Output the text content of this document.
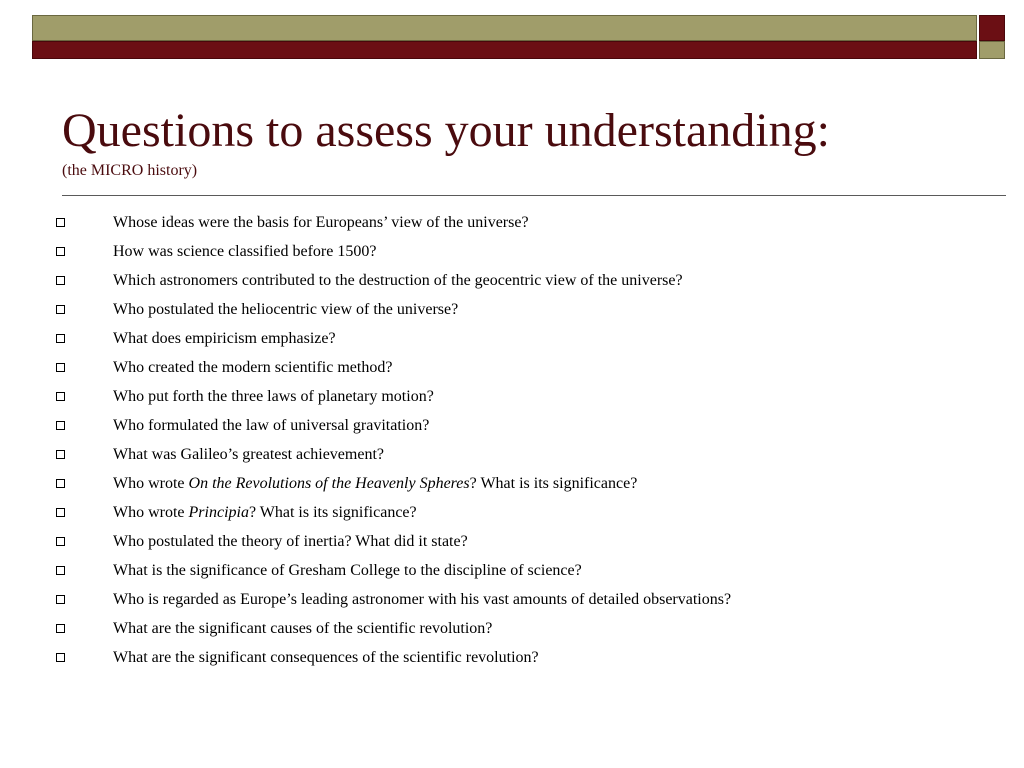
Questions to assess your understanding:
(the MICRO history)
Whose ideas were the basis for Europeans’ view of the universe?
How was science classified before 1500?
Which astronomers contributed to the destruction of the geocentric view of the universe?
Who postulated the heliocentric view of the universe?
What does empiricism emphasize?
Who created the modern scientific method?
Who put forth the three laws of planetary motion?
Who formulated the law of universal gravitation?
What was Galileo’s greatest achievement?
Who wrote On the Revolutions of the Heavenly Spheres? What is its significance?
Who wrote Principia? What is its significance?
Who postulated the theory of inertia? What did it state?
What is the significance of Gresham College to the discipline of science?
Who is regarded as Europe’s leading astronomer with his vast amounts of detailed observations?
What are the significant causes of the scientific revolution?
What are the significant consequences of the scientific revolution?
